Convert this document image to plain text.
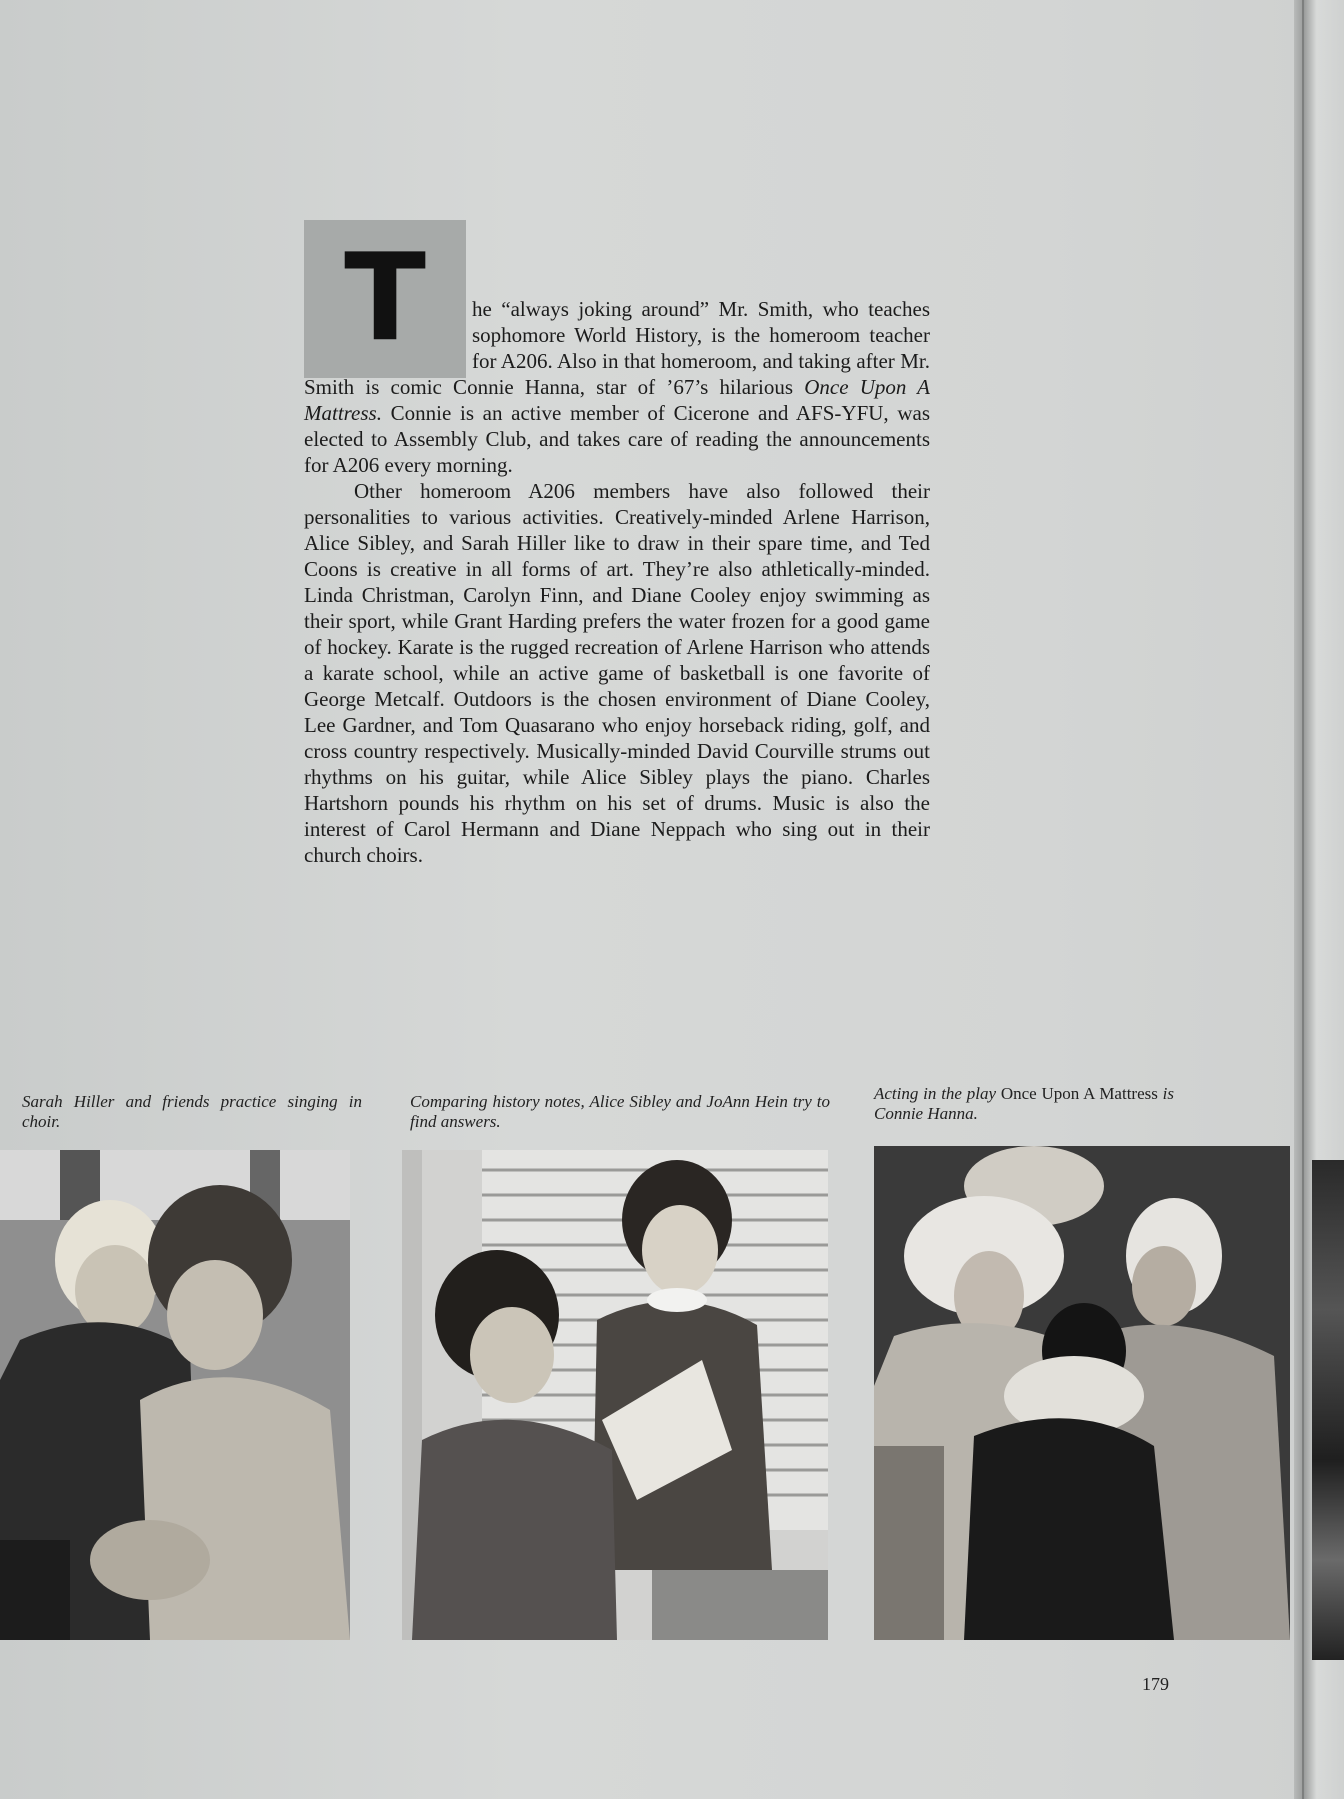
T	he “always joking around” Mr. Smith, who teaches sophomore World History, is the homeroom teacher for A206. Also in that homeroom, and taking after Mr. Smith is comic Connie Hanna, star of ’67’s hilarious Once Upon A Mattress. Connie is an active member of Cicerone and AFS-YFU, was elected to Assembly Club, and takes care of reading the announcements for A206 every morning.

Other homeroom A206 members have also followed their personalities to various activities. Creatively-minded Arlene Harrison, Alice Sibley, and Sarah Hiller like to draw in their spare time, and Ted Coons is creative in all forms of art. They’re also athletically-minded. Linda Christman, Carolyn Finn, and Diane Cooley enjoy swimming as their sport, while Grant Harding prefers the water frozen for a good game of hockey. Karate is the rugged recreation of Arlene Harrison who attends a karate school, while an active game of basketball is one favorite of George Metcalf. Outdoors is the chosen environment of Diane Cooley, Lee Gardner, and Tom Quasarano who enjoy horseback riding, golf, and cross country respectively. Musically-minded David Courville strums out rhythms on his guitar, while Alice Sibley plays the piano. Charles Hartshorn pounds his rhythm on his set of drums. Music is also the interest of Carol Hermann and Diane Neppach who sing out in their church choirs.

Sarah Hiller and friends practice singing in choir.
Comparing history notes, Alice Sibley and JoAnn Hein try to find answers.
Acting in the play Once Upon A Mattress is Connie Hanna.
179
